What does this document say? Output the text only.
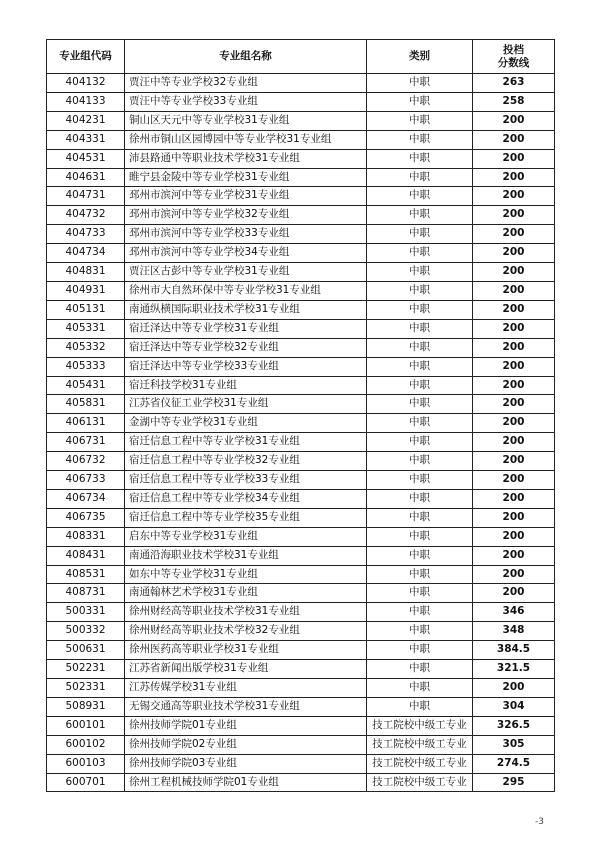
专业组代码	专业组名称	类别	投档
分数线

404132	贾汪中等专业学校32专业组	中职	263
404133	贾汪中等专业学校33专业组	中职	258
404231	铜山区天元中等专业学校31专业组	中职	200
404331	徐州市铜山区园博园中等专业学校31专业组	中职	200
404531	沛县路通中等职业技术学校31专业组	中职	200
404631	睢宁县金陵中等专业学校31专业组	中职	200
404731	邳州市滨河中等专业学校31专业组	中职	200
404732	邳州市滨河中等专业学校32专业组	中职	200
404733	邳州市滨河中等专业学校33专业组	中职	200
404734	邳州市滨河中等专业学校34专业组	中职	200
404831	贾汪区古彭中等专业学校31专业组	中职	200
404931	徐州市大自然环保中等专业学校31专业组	中职	200
405131	南通纵横国际职业技术学校31专业组	中职	200
405331	宿迁泽达中等专业学校31专业组	中职	200
405332	宿迁泽达中等专业学校32专业组	中职	200
405333	宿迁泽达中等专业学校33专业组	中职	200
405431	宿迁科技学校31专业组	中职	200
405831	江苏省仪征工业学校31专业组	中职	200
406131	金湖中等专业学校31专业组	中职	200
406731	宿迁信息工程中等专业学校31专业组	中职	200
406732	宿迁信息工程中等专业学校32专业组	中职	200
406733	宿迁信息工程中等专业学校33专业组	中职	200
406734	宿迁信息工程中等专业学校34专业组	中职	200
406735	宿迁信息工程中等专业学校35专业组	中职	200
408331	启东中等专业学校31专业组	中职	200
408431	南通沿海职业技术学校31专业组	中职	200
408531	如东中等专业学校31专业组	中职	200
408731	南通翰林艺术学校31专业组	中职	200
500331	徐州财经高等职业技术学校31专业组	中职	346
500332	徐州财经高等职业技术学校32专业组	中职	348
500631	徐州医药高等职业学校31专业组	中职	384.5
502231	江苏省新闻出版学校31专业组	中职	321.5
502331	江苏传媒学校31专业组	中职	200
508931	无锡交通高等职业技术学校31专业组	中职	304
600101	徐州技师学院01专业组	技工院校中级工专业	326.5
600102	徐州技师学院02专业组	技工院校中级工专业	305
600103	徐州技师学院03专业组	技工院校中级工专业	274.5
600701	徐州工程机械技师学院01专业组	技工院校中级工专业	295
-3
